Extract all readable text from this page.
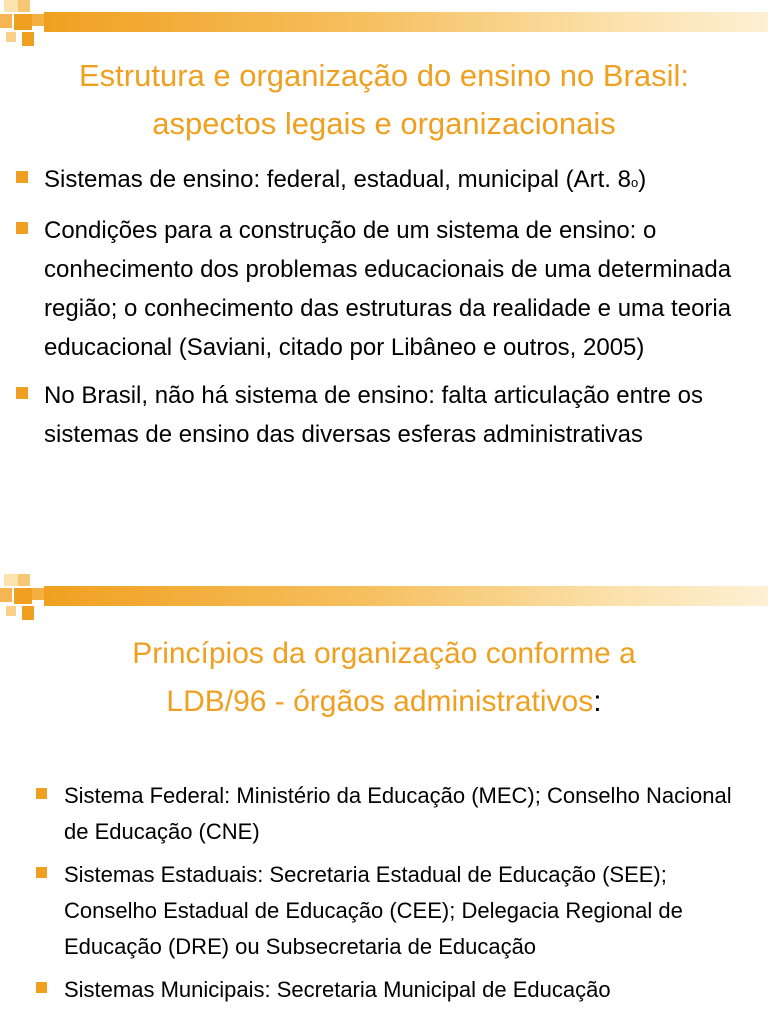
Estrutura e organização do ensino no Brasil:
aspectos legais e organizacionais
Sistemas de ensino: federal, estadual, municipal (Art. 8o)
Condições para a construção de um sistema de ensino: o conhecimento dos problemas educacionais de uma determinada região; o conhecimento das estruturas da realidade e uma teoria educacional (Saviani, citado por Libâneo e outros, 2005)
No Brasil, não há sistema de ensino: falta articulação entre os sistemas de ensino das diversas esferas administrativas
Princípios da organização conforme a
LDB/96 - órgãos administrativos:
Sistema Federal: Ministério da Educação (MEC); Conselho Nacional de Educação (CNE)
Sistemas Estaduais: Secretaria Estadual de Educação (SEE); Conselho Estadual de Educação (CEE); Delegacia Regional de Educação (DRE) ou Subsecretaria de Educação
Sistemas Municipais: Secretaria Municipal de Educação
